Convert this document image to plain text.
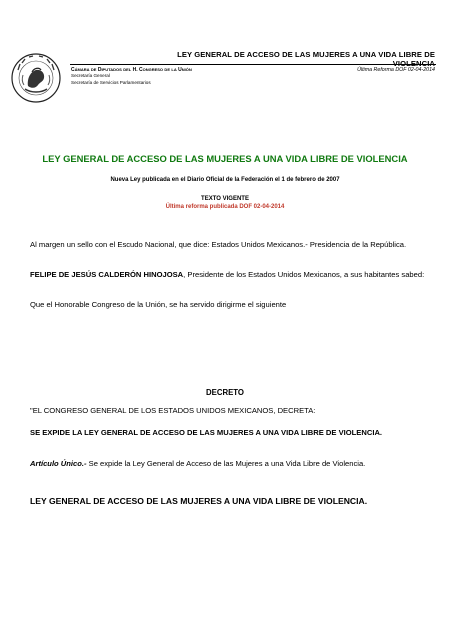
LEY GENERAL DE ACCESO DE LAS MUJERES A UNA VIDA LIBRE DE VIOLENCIA
Cámara de Diputados del H. Congreso de la Unión
Secretaría General
Secretaría de Servicios Parlamentarios
Última Reforma DOF 02-04-2014
LEY GENERAL DE ACCESO DE LAS MUJERES A UNA VIDA LIBRE DE VIOLENCIA
Nueva Ley publicada en el Diario Oficial de la Federación el 1 de febrero de 2007
TEXTO VIGENTE
Última reforma publicada DOF 02-04-2014
Al margen un sello con el Escudo Nacional, que dice: Estados Unidos Mexicanos.- Presidencia de la República.
FELIPE DE JESÚS CALDERÓN HINOJOSA, Presidente de los Estados Unidos Mexicanos, a sus habitantes sabed:
Que el Honorable Congreso de la Unión, se ha servido dirigirme el siguiente
DECRETO
"EL CONGRESO GENERAL DE LOS ESTADOS UNIDOS MEXICANOS, DECRETA:
SE EXPIDE LA LEY GENERAL DE ACCESO DE LAS MUJERES A UNA VIDA LIBRE DE VIOLENCIA.
Artículo Único.- Se expide la Ley General de Acceso de las Mujeres a una Vida Libre de Violencia.
LEY GENERAL DE ACCESO DE LAS MUJERES A UNA VIDA LIBRE DE VIOLENCIA.
